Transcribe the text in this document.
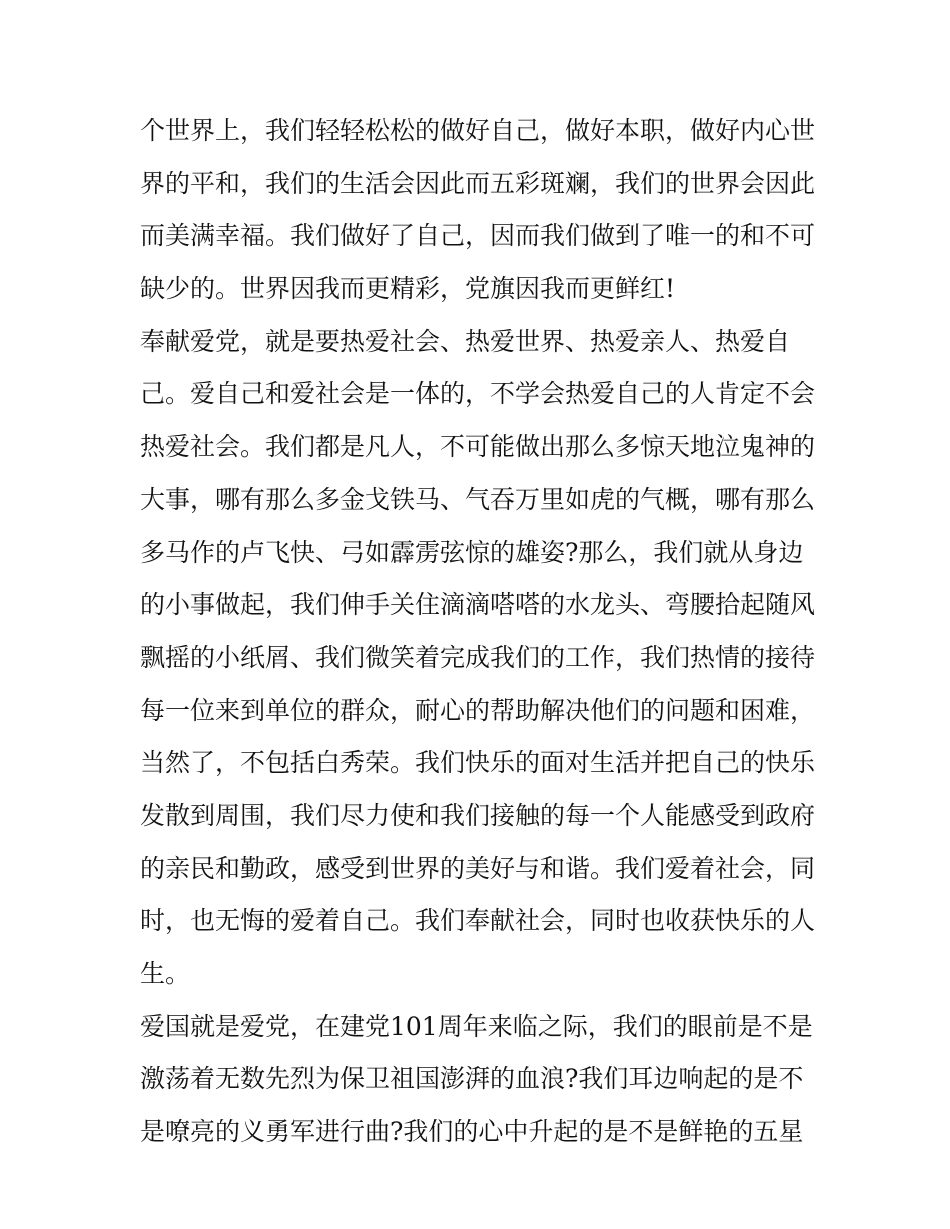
个世界上，我们轻轻松松的做好自己，做好本职，做好内心世
界的平和，我们的生活会因此而五彩斑斓，我们的世界会因此
而美满幸福。我们做好了自己，因而我们做到了唯一的和不可
缺少的。世界因我而更精彩，党旗因我而更鲜红!
奉献爱党，就是要热爱社会、热爱世界、热爱亲人、热爱自
己。爱自己和爱社会是一体的，不学会热爱自己的人肯定不会
热爱社会。我们都是凡人，不可能做出那么多惊天地泣鬼神的
大事，哪有那么多金戈铁马、气吞万里如虎的气概，哪有那么
多马作的卢飞快、弓如霹雳弦惊的雄姿?那么，我们就从身边
的小事做起，我们伸手关住滴滴嗒嗒的水龙头、弯腰拾起随风
飘摇的小纸屑、我们微笑着完成我们的工作，我们热情的接待
每一位来到单位的群众，耐心的帮助解决他们的问题和困难，
当然了，不包括白秀荣。我们快乐的面对生活并把自己的快乐
发散到周围，我们尽力使和我们接触的每一个人能感受到政府
的亲民和勤政，感受到世界的美好与和谐。我们爱着社会，同
时，也无悔的爱着自己。我们奉献社会，同时也收获快乐的人
生。
爱国就是爱党，在建党101周年来临之际，我们的眼前是不是
激荡着无数先烈为保卫祖国澎湃的血浪?我们耳边响起的是不
是嘹亮的义勇军进行曲?我们的心中升起的是不是鲜艳的五星
